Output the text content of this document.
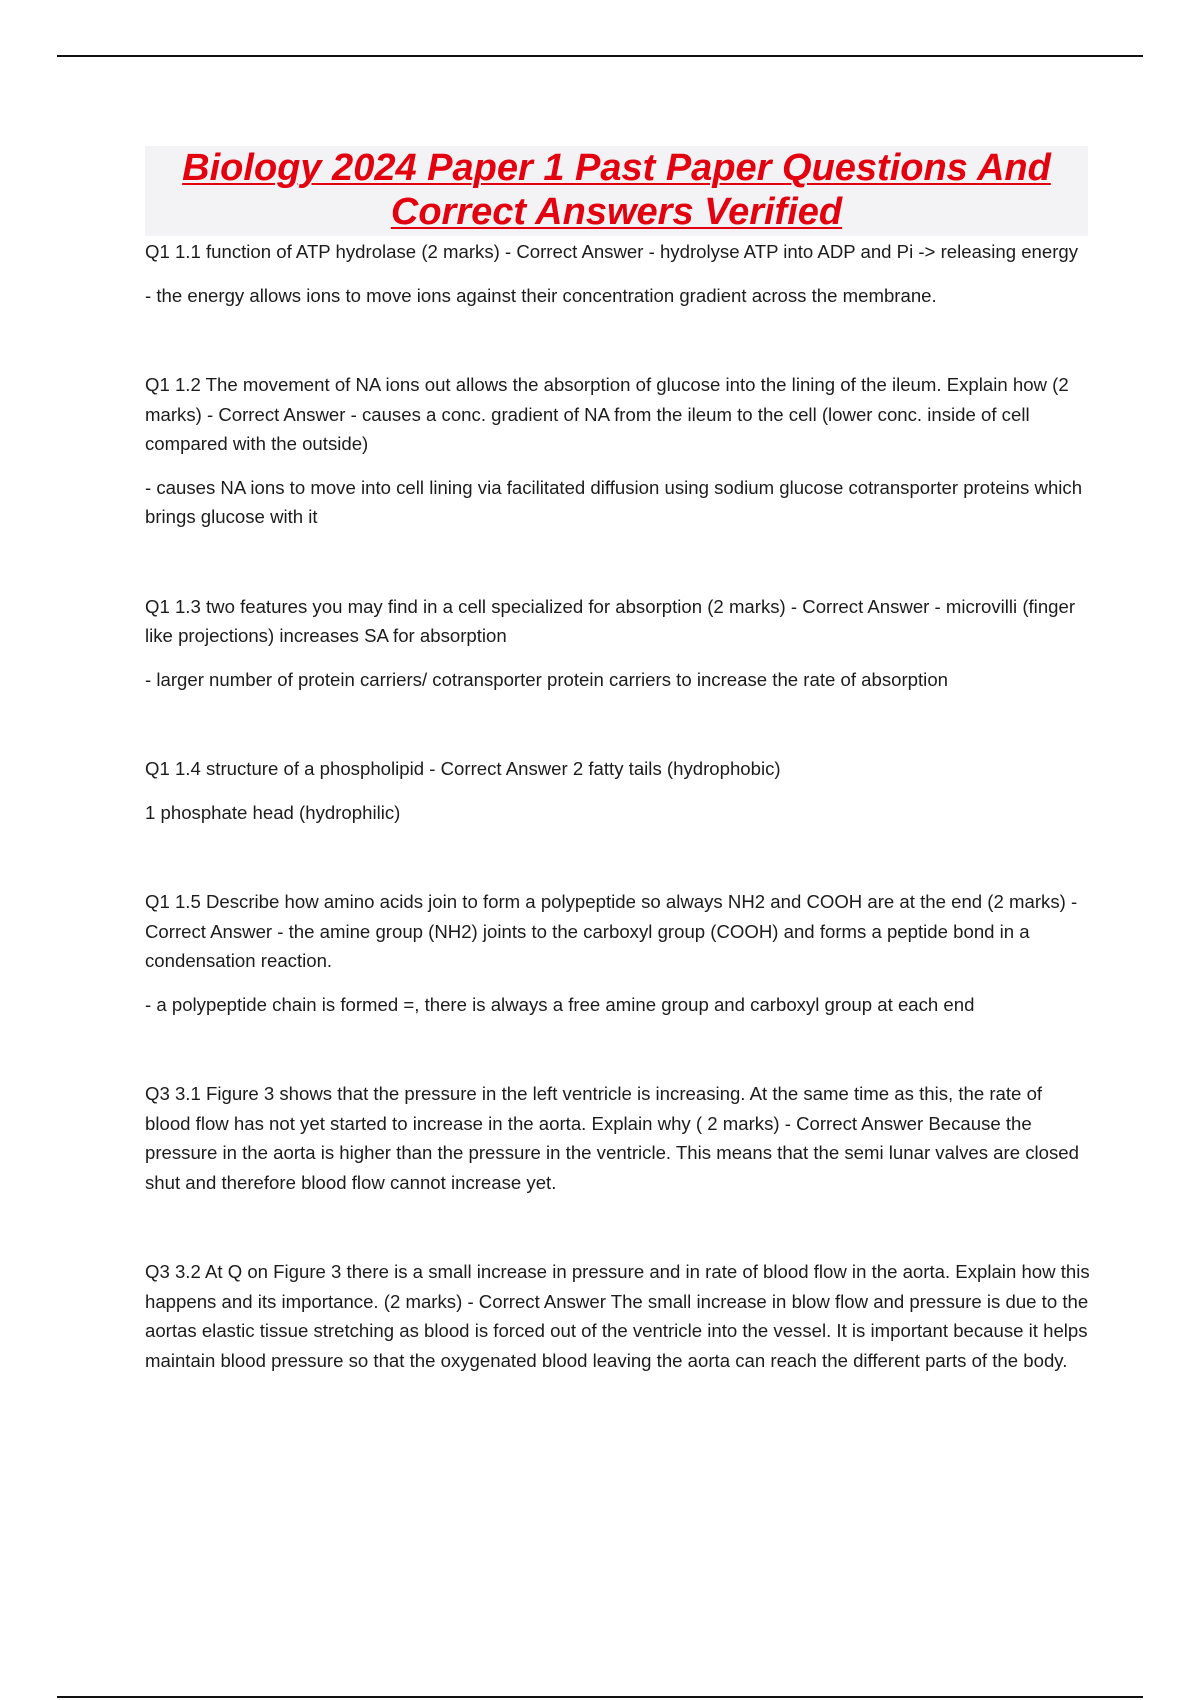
Biology 2024 Paper 1 Past Paper Questions And
Correct Answers Verified

Q1 1.1 function of ATP hydrolase (2 marks) - Correct Answer - hydrolyse ATP into ADP and Pi -> releasing energy

- the energy allows ions to move ions against their concentration gradient across the membrane.

Q1 1.2 The movement of NA ions out allows the absorption of glucose into the lining of the ileum. Explain how (2 marks) - Correct Answer - causes a conc. gradient of NA from the ileum to the cell (lower conc. inside of cell compared with the outside)

- causes NA ions to move into cell lining via facilitated diffusion using sodium glucose cotransporter proteins which brings glucose with it

Q1 1.3 two features you may find in a cell specialized for absorption (2 marks) - Correct Answer - microvilli (finger like projections) increases SA for absorption

- larger number of protein carriers/ cotransporter protein carriers to increase the rate of absorption

Q1 1.4 structure of a phospholipid - Correct Answer 2 fatty tails (hydrophobic)

1 phosphate head (hydrophilic)

Q1 1.5 Describe how amino acids join to form a polypeptide so always NH2 and COOH are at the end (2 marks) - Correct Answer - the amine group (NH2) joints to the carboxyl group (COOH) and forms a peptide bond in a condensation reaction.

- a polypeptide chain is formed =, there is always a free amine group and carboxyl group at each end

Q3 3.1 Figure 3 shows that the pressure in the left ventricle is increasing. At the same time as this, the rate of blood flow has not yet started to increase in the aorta. Explain why ( 2 marks) - Correct Answer Because the pressure in the aorta is higher than the pressure in the ventricle. This means that the semi lunar valves are closed shut and therefore blood flow cannot increase yet.

Q3 3.2 At Q on Figure 3 there is a small increase in pressure and in rate of blood flow in the aorta. Explain how this happens and its importance. (2 marks) - Correct Answer The small increase in blow flow and pressure is due to the aortas elastic tissue stretching as blood is forced out of the ventricle into the vessel. It is important because it helps maintain blood pressure so that the oxygenated blood leaving the aorta can reach the different parts of the body.
